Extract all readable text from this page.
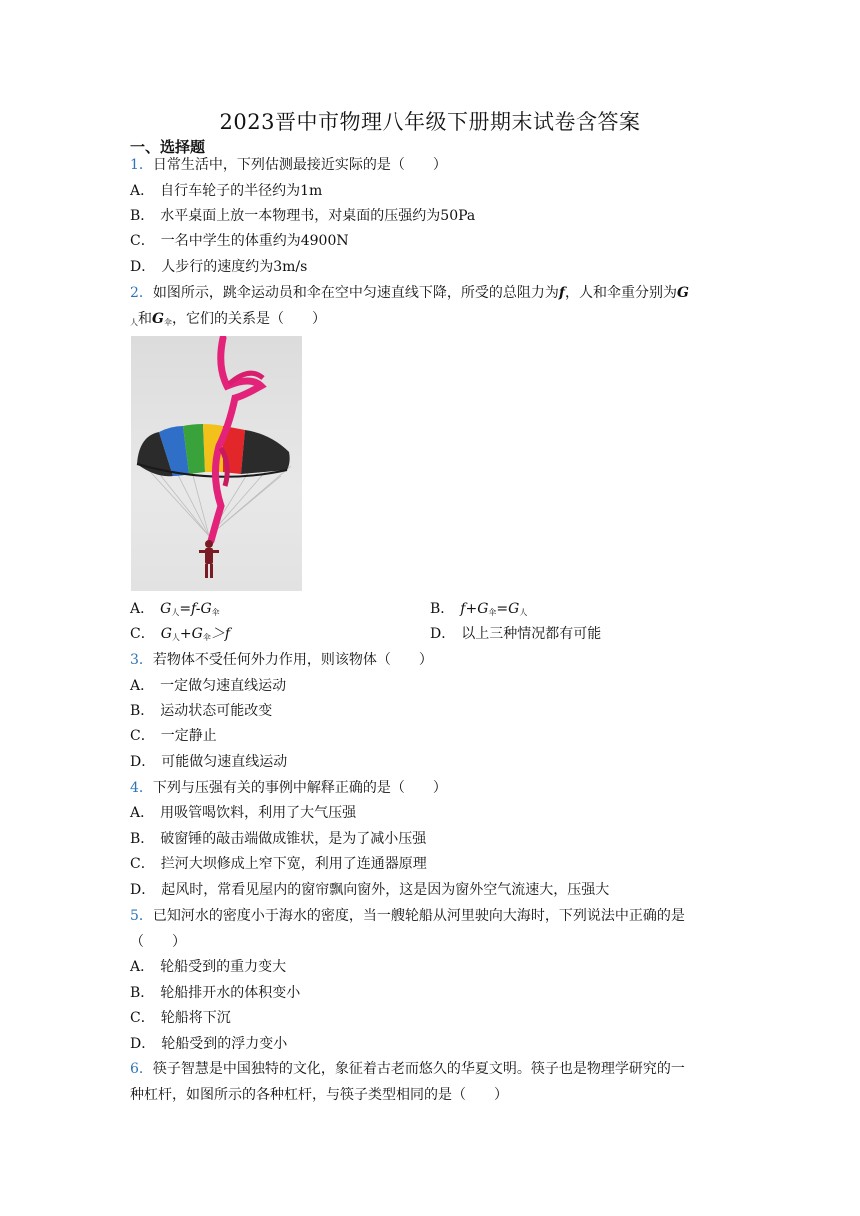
2023晋中市物理八年级下册期末试卷含答案
一、选择题
1．日常生活中，下列估测最接近实际的是（　　）
A． 自行车轮子的半径约为1m
B． 水平桌面上放一本物理书，对桌面的压强约为50Pa
C． 一名中学生的体重约为4900N
D． 人步行的速度约为3m/s
2．如图所示，跳伞运动员和伞在空中匀速直线下降，所受的总阻力为f，人和伞重分别为G
$_人$和$G_伞$，它们的关系是（　　）
A． $G_人=f-G_伞$	B． $f+G_伞=G_人$
C． $G_人+G_伞>f$	D． 以上三种情况都有可能
3．若物体不受任何外力作用，则该物体（　　）
A． 一定做匀速直线运动
B． 运动状态可能改变
C． 一定静止
D． 可能做匀速直线运动
4．下列与压强有关的事例中解释正确的是（　　）
A． 用吸管喝饮料，利用了大气压强
B． 破窗锤的敲击端做成锥状，是为了减小压强
C． 拦河大坝修成上窄下宽，利用了连通器原理
D． 起风时，常看见屋内的窗帘飘向窗外，这是因为窗外空气流速大，压强大
5．已知河水的密度小于海水的密度，当一艘轮船从河里驶向大海时，下列说法中正确的是
（　　）
A． 轮船受到的重力变大
B． 轮船排开水的体积变小
C． 轮船将下沉
D． 轮船受到的浮力变小
6．筷子智慧是中国独特的文化，象征着古老而悠久的华夏文明。筷子也是物理学研究的一
种杠杆，如图所示的各种杠杆，与筷子类型相同的是（　　）
